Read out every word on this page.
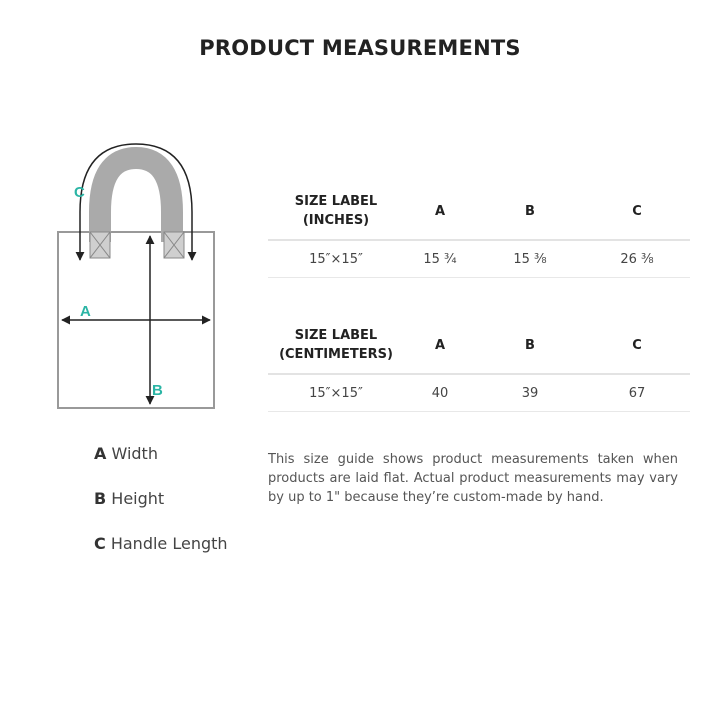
PRODUCT MEASUREMENTS
C
A
B
A Width
B Height
C Handle Length
SIZE LABEL
(INCHES)	A	B	C
15″×15″	15 ¾	15 ⅜	26 ⅜
SIZE LABEL
(CENTIMETERS)	A	B	C
15″×15″	40	39	67

This size guide shows product measurements taken when products are laid flat. Actual product measurements may vary by up to 1" because they’re custom-made by hand.
